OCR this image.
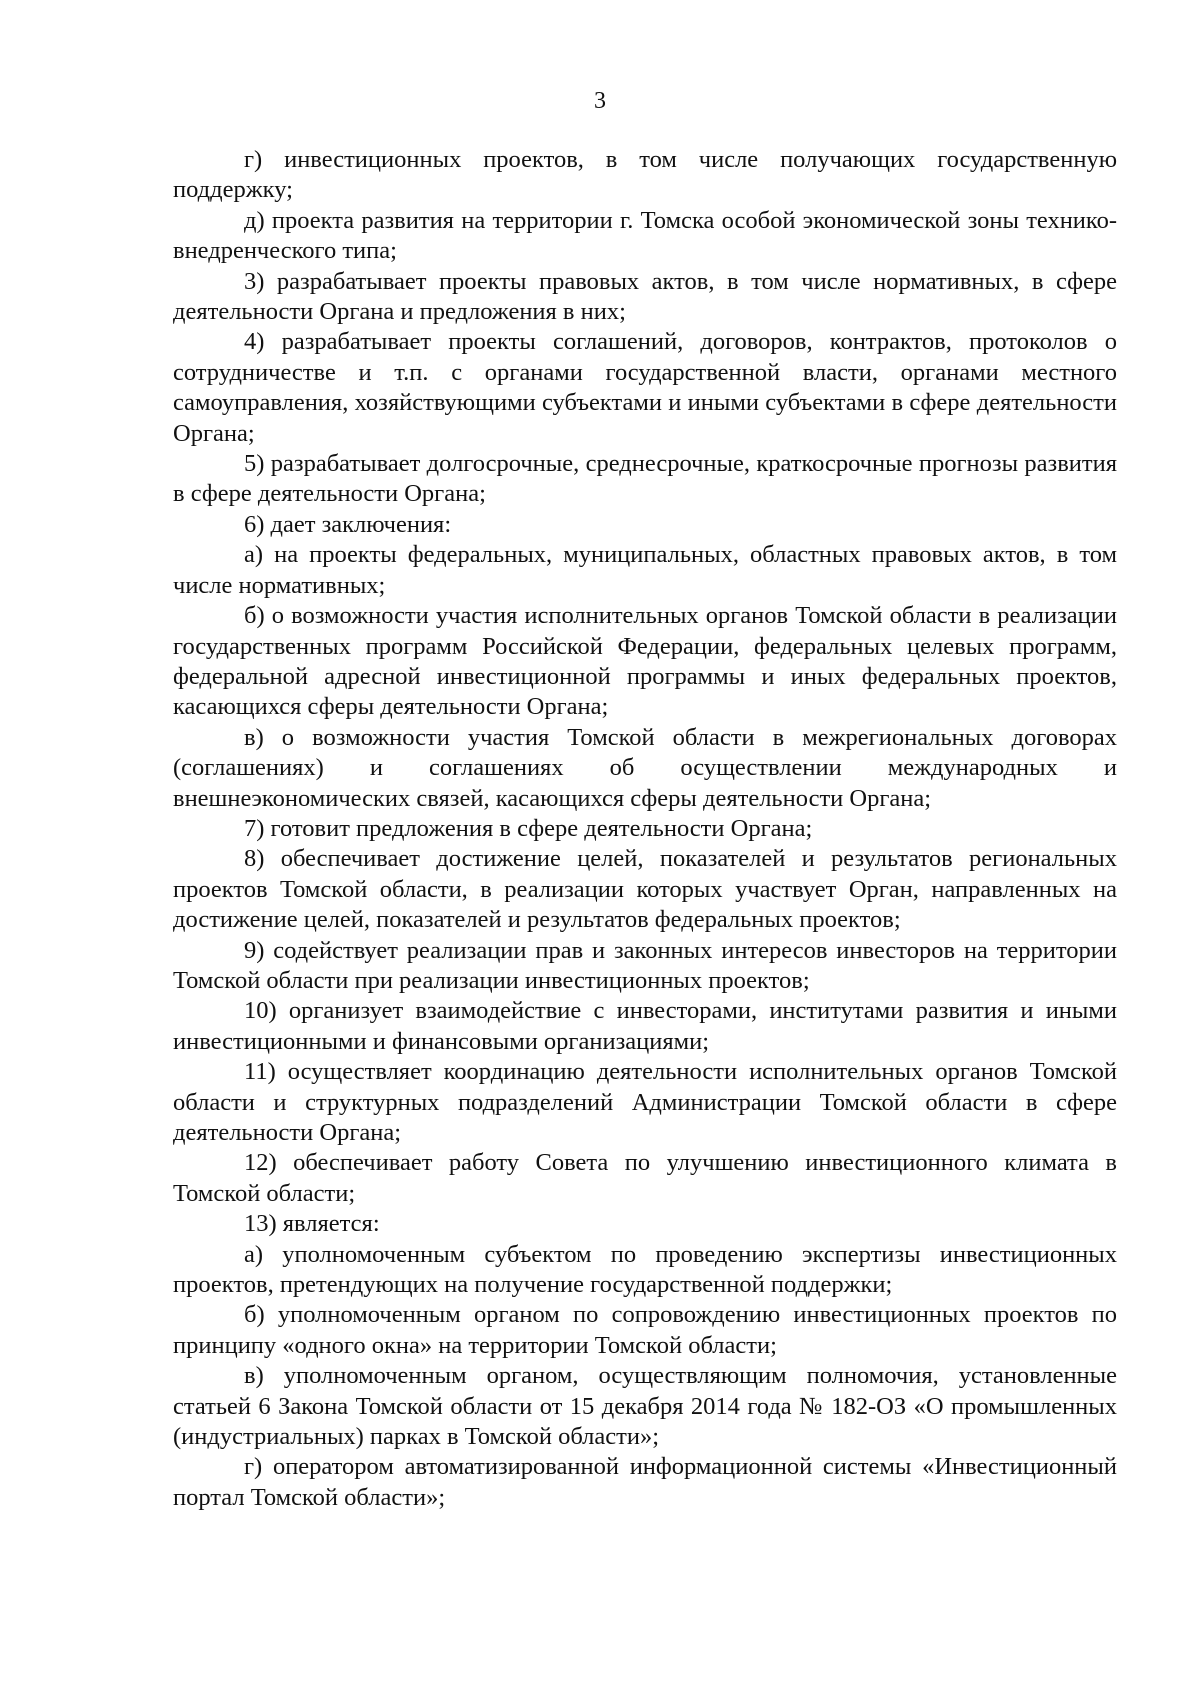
3

г) инвестиционных проектов, в том числе получающих государственную поддержку;

д) проекта развития на территории г. Томска особой экономической зоны технико-внедренческого типа;

3) разрабатывает проекты правовых актов, в том числе нормативных, в сфере деятельности Органа и предложения в них;

4) разрабатывает проекты соглашений, договоров, контрактов, протоколов о сотрудничестве и т.п. с органами государственной власти, органами местного самоуправления, хозяйствующими субъектами и иными субъектами в сфере деятельности Органа;

5) разрабатывает долгосрочные, среднесрочные, краткосрочные прогнозы развития в сфере деятельности Органа;

6) дает заключения:

а) на проекты федеральных, муниципальных, областных правовых актов, в том числе нормативных;

б) о возможности участия исполнительных органов Томской области в реализации государственных программ Российской Федерации, федеральных целевых программ, федеральной адресной инвестиционной программы и иных федеральных проектов, касающихся сферы деятельности Органа;

в) о возможности участия Томской области в межрегиональных договорах (соглашениях) и соглашениях об осуществлении международных и внешнеэкономических связей, касающихся сферы деятельности Органа;

7) готовит предложения в сфере деятельности Органа;

8) обеспечивает достижение целей, показателей и результатов региональных проектов Томской области, в реализации которых участвует Орган, направленных на достижение целей, показателей и результатов федеральных проектов;

9) содействует реализации прав и законных интересов инвесторов на территории Томской области при реализации инвестиционных проектов;

10) организует взаимодействие с инвесторами, институтами развития и иными инвестиционными и финансовыми организациями;

11) осуществляет координацию деятельности исполнительных органов Томской области и структурных подразделений Администрации Томской области в сфере деятельности Органа;

12) обеспечивает работу Совета по улучшению инвестиционного климата в Томской области;

13) является:

а) уполномоченным субъектом по проведению экспертизы инвестиционных проектов, претендующих на получение государственной поддержки;

б) уполномоченным органом по сопровождению инвестиционных проектов по принципу «одного окна» на территории Томской области;

в) уполномоченным органом, осуществляющим полномочия, установленные статьей 6 Закона Томской области от 15 декабря 2014 года № 182-ОЗ «О промышленных (индустриальных) парках в Томской области»;

г) оператором автоматизированной информационной системы «Инвестиционный портал Томской области»;
